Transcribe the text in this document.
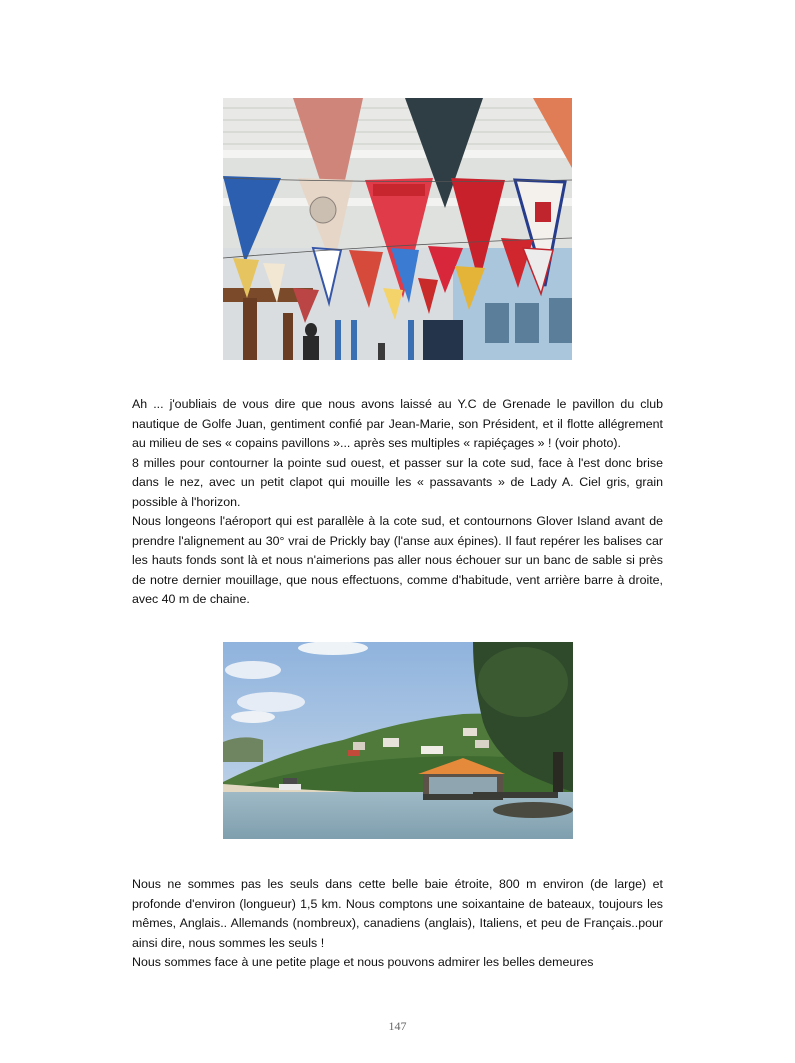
Ah ... j'oubliais de vous dire que nous avons laissé au Y.C de Grenade le pavillon du club nautique de Golfe Juan, gentiment confié par Jean-Marie, son Président, et il flotte allégrement au milieu de ses « copains pavillons »... après ses multiples « rapiéçages » ! (voir photo).

8 milles pour contourner la pointe sud ouest, et passer sur la cote sud, face à l'est donc brise dans le nez, avec un petit clapot qui mouille les « passavants » de Lady A. Ciel gris, grain possible à l'horizon.

Nous longeons l'aéroport qui est parallèle à la cote sud, et contournons Glover Island avant de prendre l'alignement au 30° vrai de Prickly bay (l'anse aux épines). Il faut repérer les balises car les hauts fonds sont là et nous n'aimerions pas aller nous échouer sur un banc de sable si près de notre dernier mouillage, que nous effectuons, comme d'habitude, vent arrière barre à droite, avec 40 m de chaine.

Nous ne sommes pas les seuls dans cette belle baie étroite, 800 m environ (de large) et profonde d'environ (longueur) 1,5 km. Nous comptons une soixantaine de bateaux, toujours les mêmes, Anglais.. Allemands (nombreux), canadiens (anglais), Italiens, et peu de Français..pour ainsi dire, nous sommes les seuls !

Nous sommes face à une petite plage et nous pouvons admirer les belles demeures

147
